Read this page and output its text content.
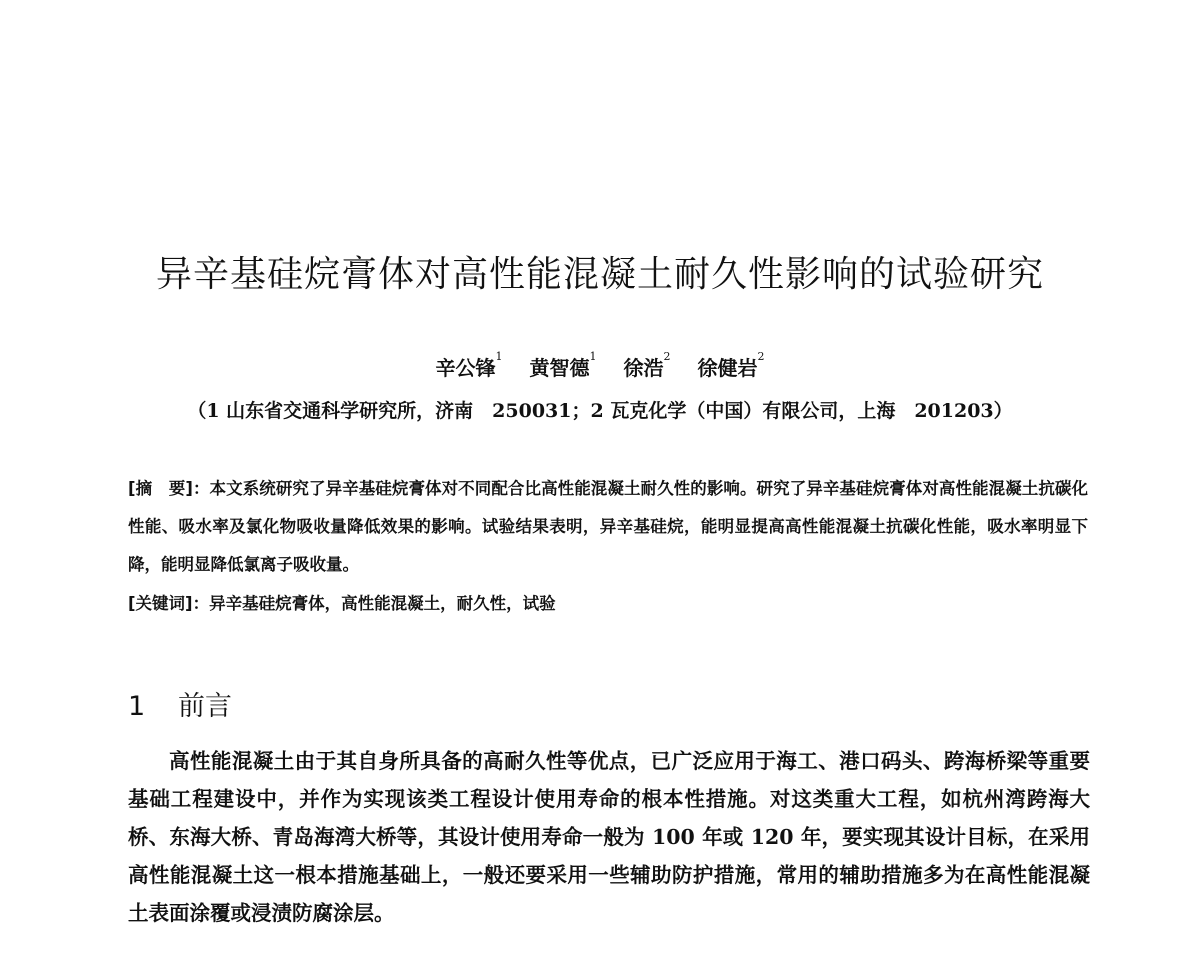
异辛基硅烷膏体对高性能混凝土耐久性影响的试验研究
辛公锋$^1$ 黄智德$^1$ 徐浩$^2$ 徐健岩$^2$
（1 山东省交通科学研究所，济南　250031；2 瓦克化学（中国）有限公司，上海　201203）

[摘　要]：本文系统研究了异辛基硅烷膏体对不同配合比高性能混凝土耐久性的影响。研究了异辛基硅烷膏体对高性能混凝土抗碳化性能、吸水率及氯化物吸收量降低效果的影响。试验结果表明，异辛基硅烷，能明显提高高性能混凝土抗碳化性能，吸水率明显下降，能明显降低氯离子吸收量。

[关键词]：异辛基硅烷膏体，高性能混凝土，耐久性，试验
1 前言

高性能混凝土由于其自身所具备的高耐久性等优点，已广泛应用于海工、港口码头、跨海桥梁等重要基础工程建设中，并作为实现该类工程设计使用寿命的根本性措施。对这类重大工程，如杭州湾跨海大桥、东海大桥、青岛海湾大桥等，其设计使用寿命一般为 100 年或 120 年，要实现其设计目标，在采用高性能混凝土这一根本措施基础上，一般还要采用一些辅助防护措施，常用的辅助措施多为在高性能混凝土表面涂覆或浸渍防腐涂层。
